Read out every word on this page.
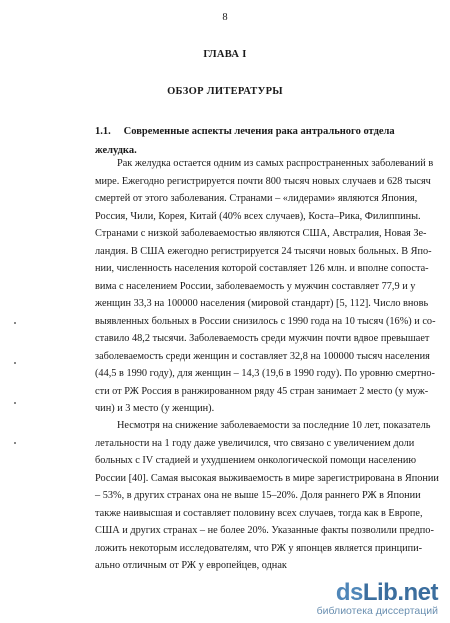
8
ГЛАВА I
ОБЗОР ЛИТЕРАТУРЫ
1.1. Современные аспекты лечения рака антрального отдела
желудка.
Рак желудка остается одним из самых распространенных заболеваний в
мире. Ежегодно регистрируется почти 800 тысяч новых случаев и 628 тысяч
смертей от этого заболевания. Странами – «лидерами» являются Япония,
Россия, Чили, Корея, Китай (40% всех случаев), Коста–Рика, Филиппины.
Странами с низкой заболеваемостью являются США, Австралия, Новая Зе-
ландия. В США ежегодно регистрируется 24 тысячи новых больных. В Япо-
нии, численность населения которой составляет 126 млн. и вполне сопоста-
вима с населением России, заболеваемость у мужчин составляет 77,9 и у
женщин 33,3 на 100000 населения (мировой стандарт) [5, 112]. Число вновь
выявленных больных в России снизилось с 1990 года на 10 тысяч (16%) и со-
ставило 48,2 тысячи. Заболеваемость среди мужчин почти вдвое превышает
заболеваемость среди женщин и составляет 32,8 на 100000 тысяч населения
(44,5 в 1990 году), для женщин – 14,3 (19,6 в 1990 году). По уровню смертно-
сти от РЖ Россия в ранжированном ряду 45 стран занимает 2 место (у муж-
чин) и 3 место (у женщин).
Несмотря на снижение заболеваемости за последние 10 лет, показатель
летальности на 1 году даже увеличился, что связано с увеличением доли
больных с IV стадией и ухудшением онкологической помощи населению
России [40]. Самая высокая выживаемость в мире зарегистрирована в Японии
– 53%, в других странах она не выше 15–20%. Доля раннего РЖ в Японии
также наивысшая и составляет половину всех случаев, тогда как в Европе,
США и других странах – не более 20%. Указанные факты позволили предпо-
ложить некоторым исследователям, что РЖ у японцев является принципи-
ально отличным от РЖ у европейцев, однак
dsLib.net
библиотека диссертаций
